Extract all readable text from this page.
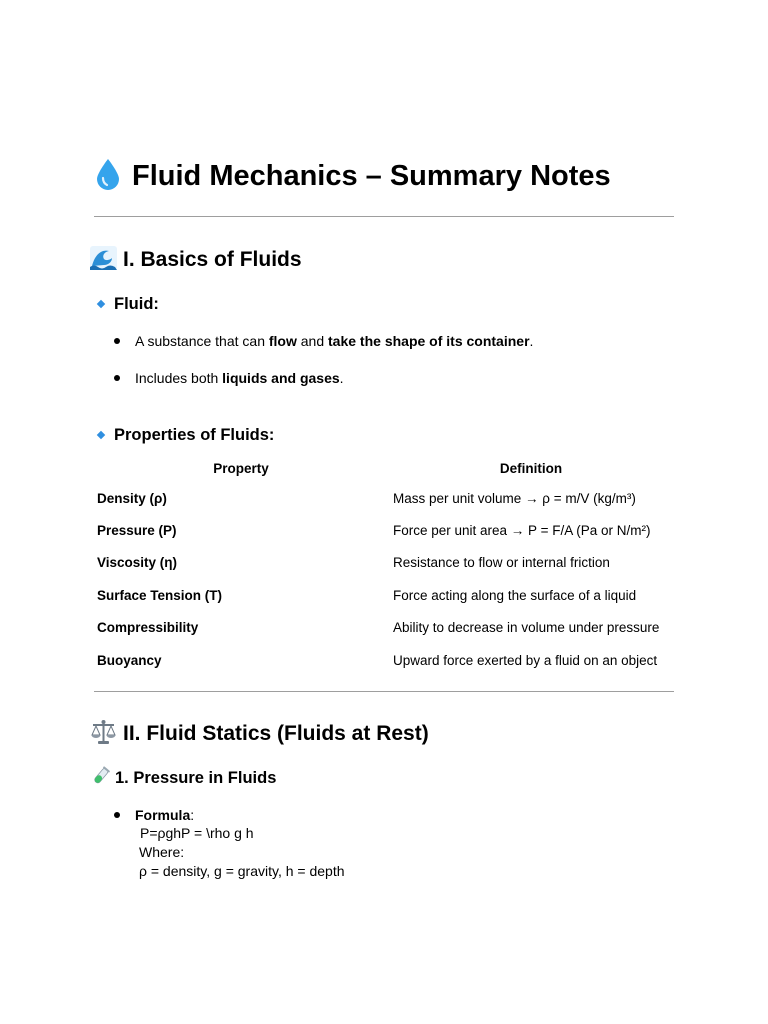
Fluid Mechanics – Summary Notes
I. Basics of Fluids
Fluid:
A substance that can flow and take the shape of its container.
Includes both liquids and gases.
Properties of Fluids:
Property	Definition
Density (ρ)	Mass per unit volume → ρ = m/V (kg/m³)
Pressure (P)	Force per unit area → P = F/A (Pa or N/m²)
Viscosity (η)	Resistance to flow or internal friction
Surface Tension (T)	Force acting along the surface of a liquid
Compressibility	Ability to decrease in volume under pressure
Buoyancy	Upward force exerted by a fluid on an object
II. Fluid Statics (Fluids at Rest)
1. Pressure in Fluids
Formula:
P=ρghP = \rho g h
Where:
ρ = density, g = gravity, h = depth
